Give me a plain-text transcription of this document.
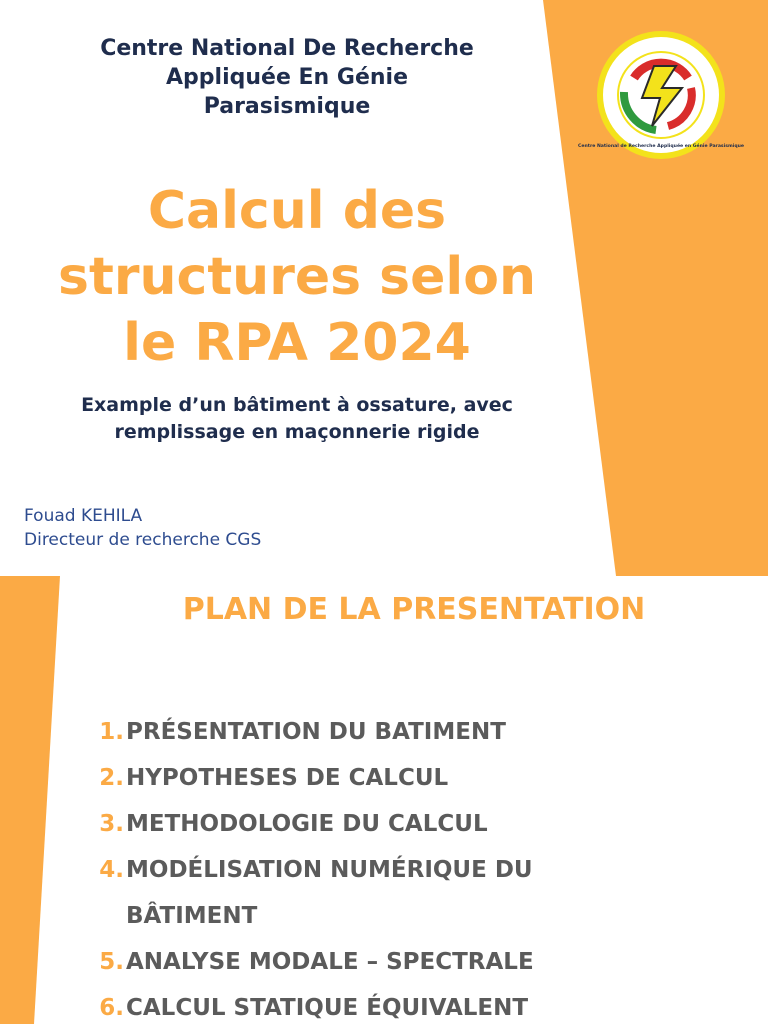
Centre National De Recherche
Appliquée En Génie
Parasismique
Centre National de Recherche Appliquée en Génie Parasismique
Calcul des
structures selon
le RPA 2024
Example d’un bâtiment à ossature, avec
remplissage en maçonnerie rigide
Fouad KEHILA
Directeur de recherche CGS
PLAN DE LA PRESENTATION
1. PRÉSENTATION DU BATIMENT
2. HYPOTHESES DE CALCUL
3. METHODOLOGIE DU CALCUL
4. MODÉLISATION NUMÉRIQUE DU BÂTIMENT
5. ANALYSE MODALE – SPECTRALE
6. CALCUL STATIQUE ÉQUIVALENT
